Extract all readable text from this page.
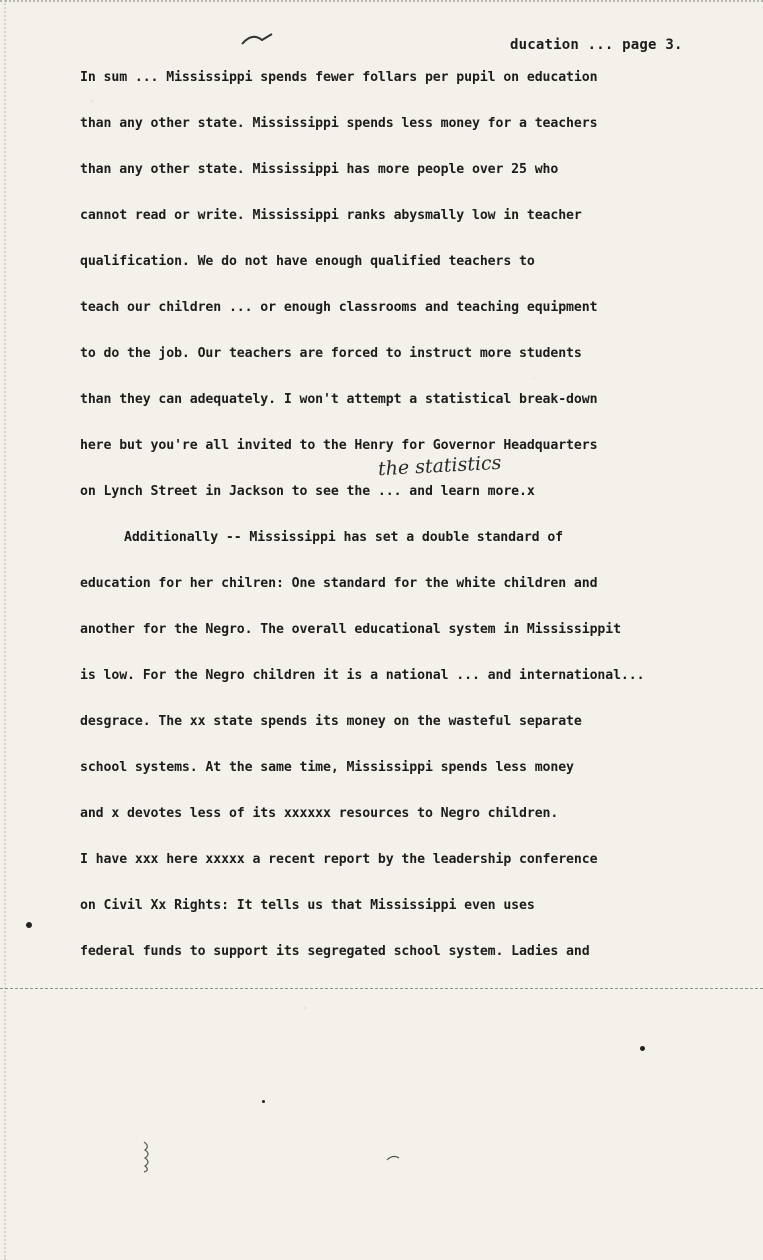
ducation ... page 3.
In sum ... Mississippi spends fewer follars per pupil on education
than any other state. Mississippi spends less money for a teachers
than any other state. Mississippi has more people over 25 who
cannot read or write. Mississippi ranks abysmally low in teacher
qualification. We do not have enough qualified teachers to
teach our children ... or enough classrooms and teaching equipment
to do the job. Our teachers are forced to instruct more students
than they can adequately. I won't attempt a statistical break-down
here but you're all invited to the Henry for Governor Headquarters
on Lynch Street in Jackson to see the ... and learn more.x
Additionally -- Mississippi has set a double standard of
education for her chilren: One standard for the white children and
another for the Negro. The overall educational system in Mississippit
is low. For the Negro children it is a national ... and international...
desgrace. The xx state spends its money on the wasteful separate
school systems. At the same time, Mississippi spends less money
and x devotes less of its xxxxxx resources to Negro children.
I have xxx here xxxxx a recent report by the leadership conference
on Civil Xx Rights: It tells us that Mississippi even uses
federal funds to support its segregated school system. Ladies and
the statistics
